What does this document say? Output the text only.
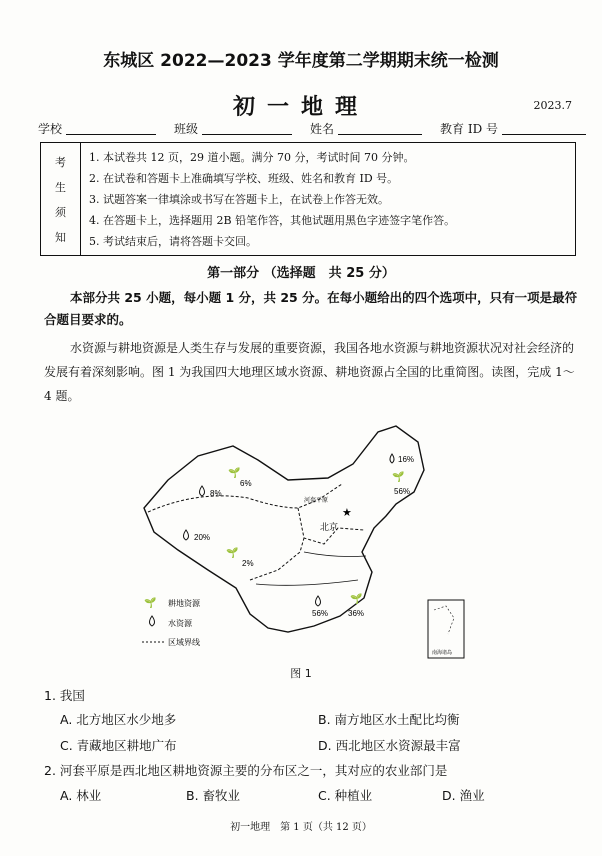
东城区 2022—2023 学年度第二学期期末统一检测
初一地理	2023.7
学校	班级	姓名	教育 ID 号
考
生
须
知
1. 本试卷共 12 页，29 道小题。满分 70 分，考试时间 70 分钟。
2. 在试卷和答题卡上准确填写学校、班级、姓名和教育 ID 号。
3. 试题答案一律填涂或书写在答题卡上，在试卷上作答无效。
4. 在答题卡上，选择题用 2B 铅笔作答，其他试题用黑色字迹签字笔作答。
5. 考试结束后，请将答题卡交回。
第一部分 （选择题　共 25 分）
本部分共 25 小题，每小题 1 分，共 25 分。在每小题给出的四个选项中，只有一项是最符合题目要求的。
水资源与耕地资源是人类生存与发展的重要资源，我国各地水资源与耕地资源状况对社会经济的发展有着深刻影响。图 1 为我国四大地理区域水资源、耕地资源占全国的比重简图。读图，完成 1～4 题。
★
北京
河套平原
16%
🌱
56%
🌱
6%
8%
20%
🌱
2%
56%
🌱
36%
🌱 耕地资源
水资源
区域界线
南海诸岛
图 1
1. 我国
A. 北方地区水少地多	B. 南方地区水土配比均衡
C. 青藏地区耕地广布	D. 西北地区水资源最丰富
2. 河套平原是西北地区耕地资源主要的分布区之一，其对应的农业部门是
A. 林业	B. 畜牧业	C. 种植业	D. 渔业
初一地理　第 1 页（共 12 页）
